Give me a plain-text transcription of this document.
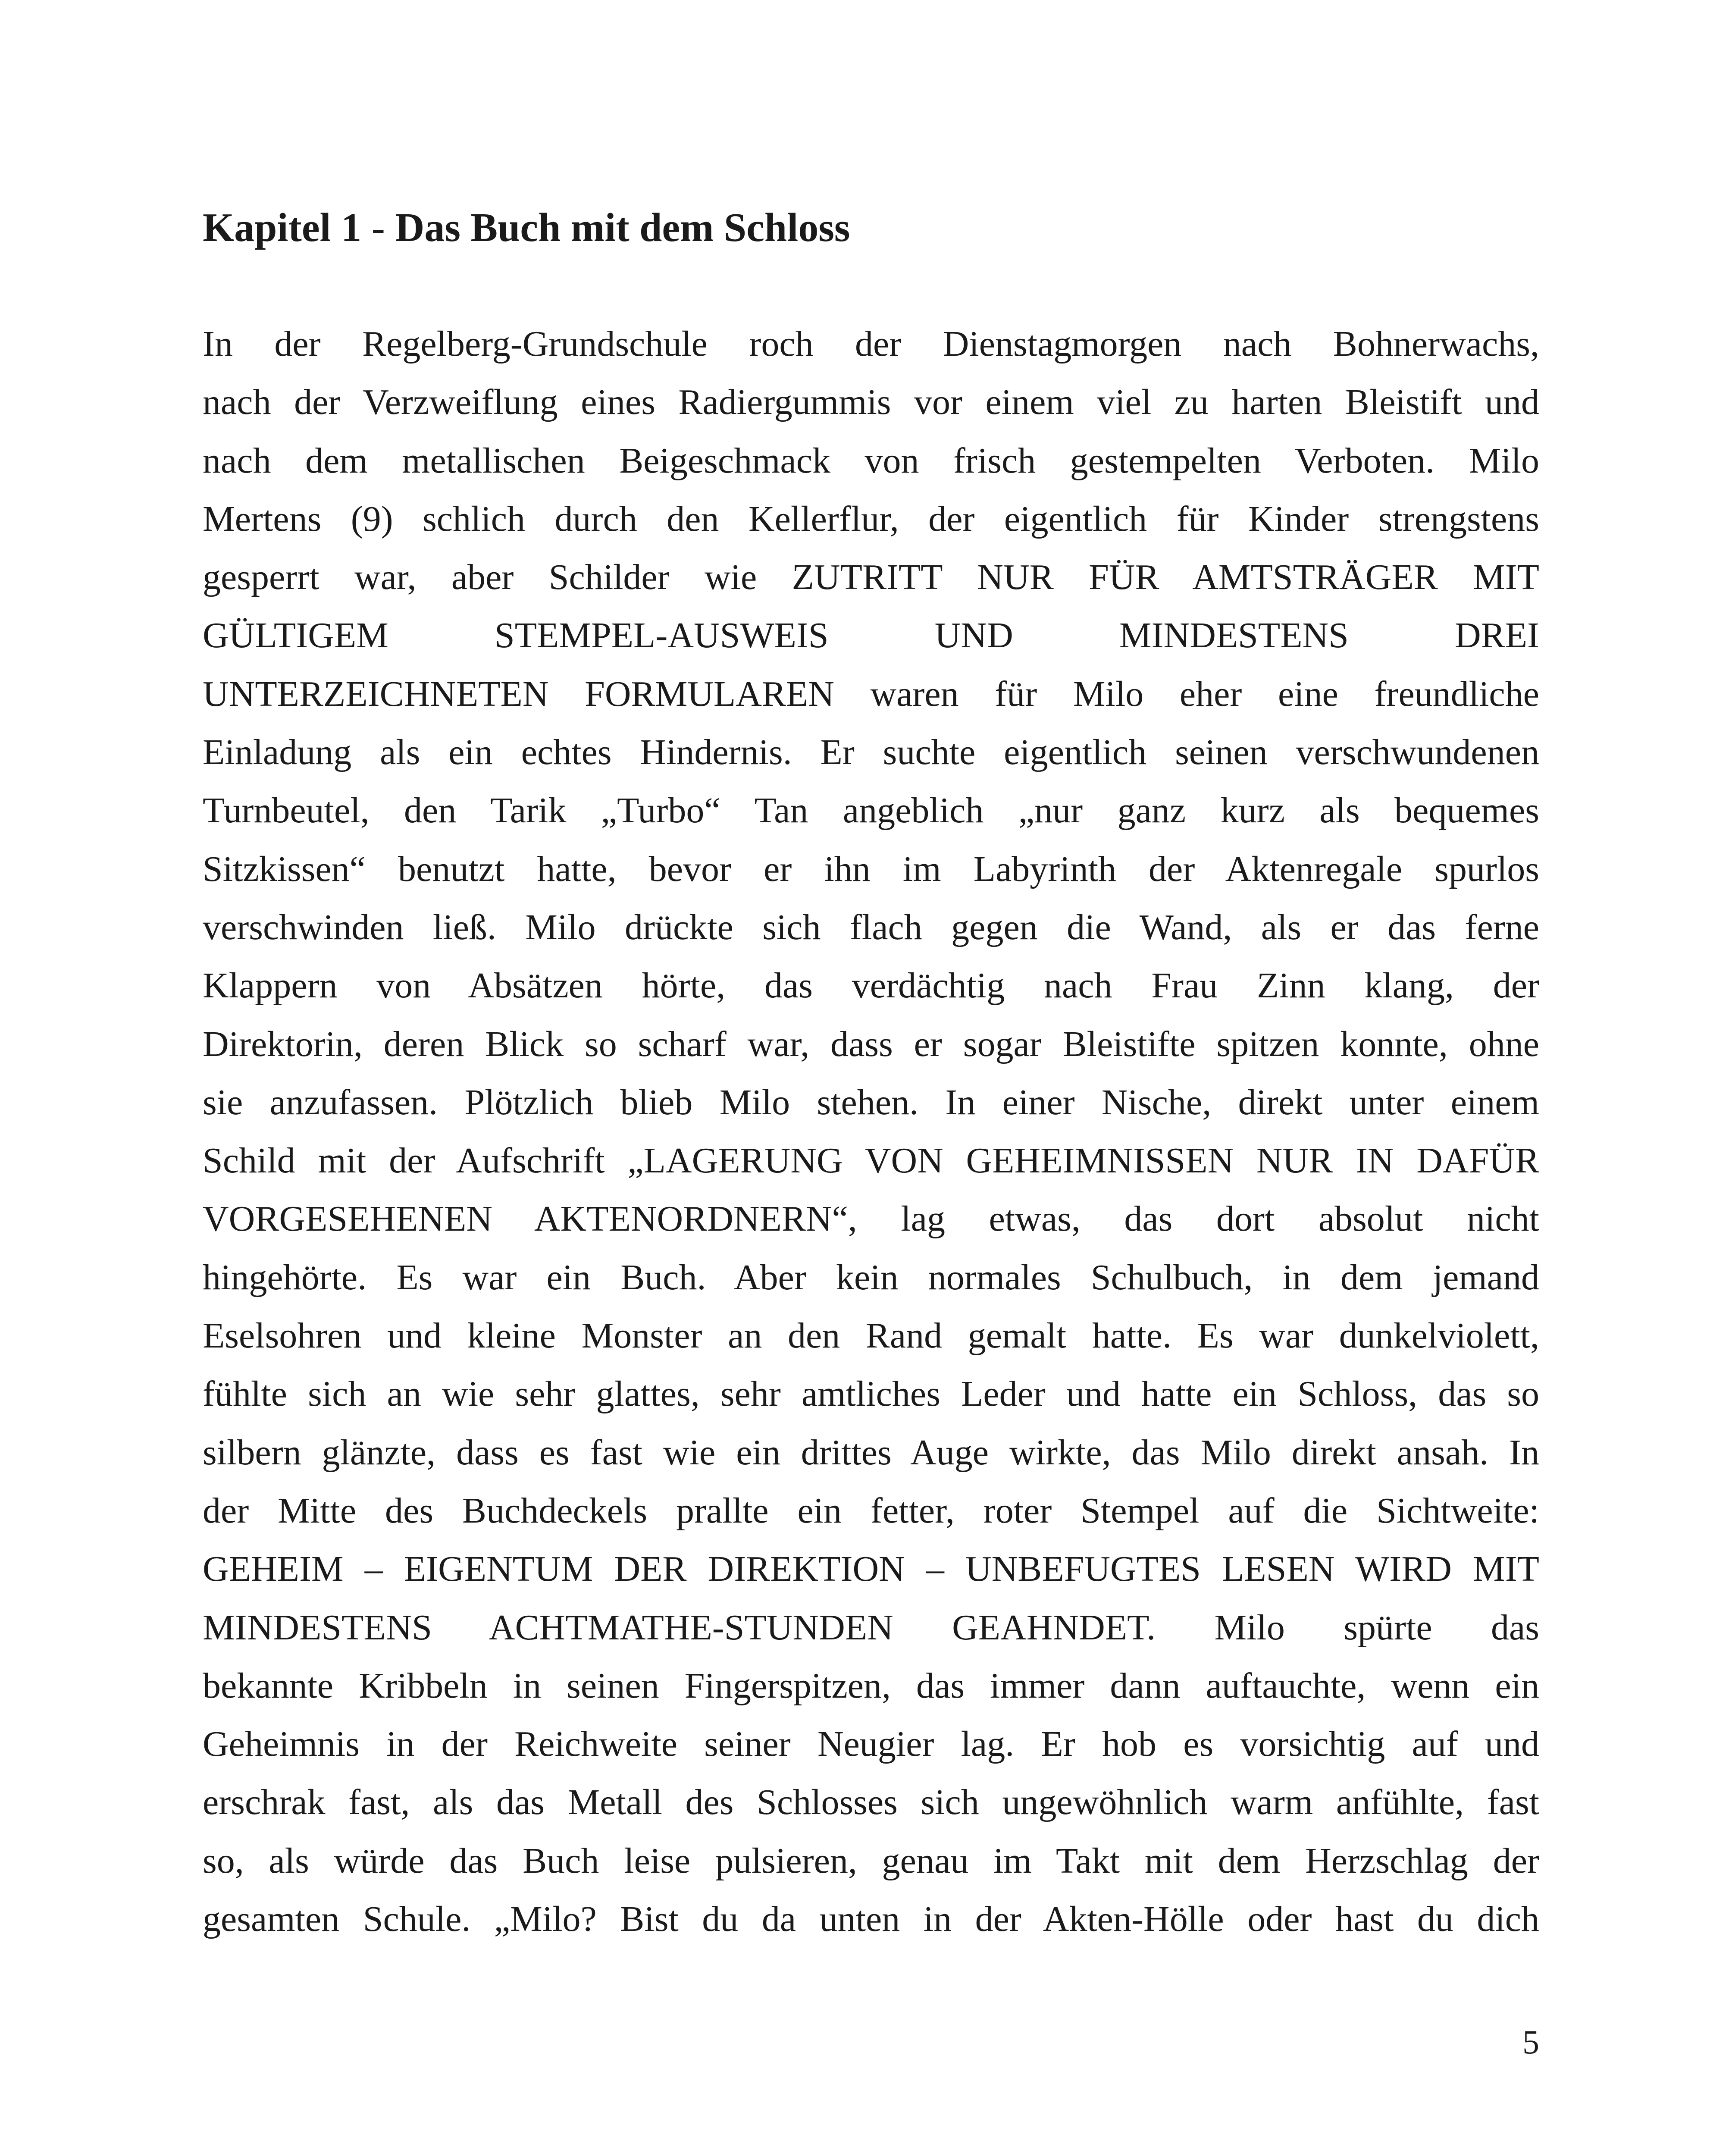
Kapitel 1 - Das Buch mit dem Schloss
In der Regelberg-Grundschule roch der Dienstagmorgen nach Bohnerwachs,
nach der Verzweiflung eines Radiergummis vor einem viel zu harten Bleistift und
nach dem metallischen Beigeschmack von frisch gestempelten Verboten. Milo
Mertens (9) schlich durch den Kellerflur, der eigentlich für Kinder strengstens
gesperrt war, aber Schilder wie ZUTRITT NUR FÜR AMTSTRÄGER MIT
GÜLTIGEM STEMPEL-AUSWEIS UND MINDESTENS DREI
UNTERZEICHNETEN FORMULAREN waren für Milo eher eine freundliche
Einladung als ein echtes Hindernis. Er suchte eigentlich seinen verschwundenen
Turnbeutel, den Tarik „Turbo“ Tan angeblich „nur ganz kurz als bequemes
Sitzkissen“ benutzt hatte, bevor er ihn im Labyrinth der Aktenregale spurlos
verschwinden ließ. Milo drückte sich flach gegen die Wand, als er das ferne
Klappern von Absätzen hörte, das verdächtig nach Frau Zinn klang, der
Direktorin, deren Blick so scharf war, dass er sogar Bleistifte spitzen konnte, ohne
sie anzufassen. Plötzlich blieb Milo stehen. In einer Nische, direkt unter einem
Schild mit der Aufschrift „LAGERUNG VON GEHEIMNISSEN NUR IN DAFÜR
VORGESEHENEN AKTENORDNERN“, lag etwas, das dort absolut nicht
hingehörte. Es war ein Buch. Aber kein normales Schulbuch, in dem jemand
Eselsohren und kleine Monster an den Rand gemalt hatte. Es war dunkelviolett,
fühlte sich an wie sehr glattes, sehr amtliches Leder und hatte ein Schloss, das so
silbern glänzte, dass es fast wie ein drittes Auge wirkte, das Milo direkt ansah. In
der Mitte des Buchdeckels prallte ein fetter, roter Stempel auf die Sichtweite:
GEHEIM – EIGENTUM DER DIREKTION – UNBEFUGTES LESEN WIRD MIT
MINDESTENS ACHTMATHE-STUNDEN GEAHNDET. Milo spürte das
bekannte Kribbeln in seinen Fingerspitzen, das immer dann auftauchte, wenn ein
Geheimnis in der Reichweite seiner Neugier lag. Er hob es vorsichtig auf und
erschrak fast, als das Metall des Schlosses sich ungewöhnlich warm anfühlte, fast
so, als würde das Buch leise pulsieren, genau im Takt mit dem Herzschlag der
gesamten Schule. „Milo? Bist du da unten in der Akten-Hölle oder hast du dich
5
